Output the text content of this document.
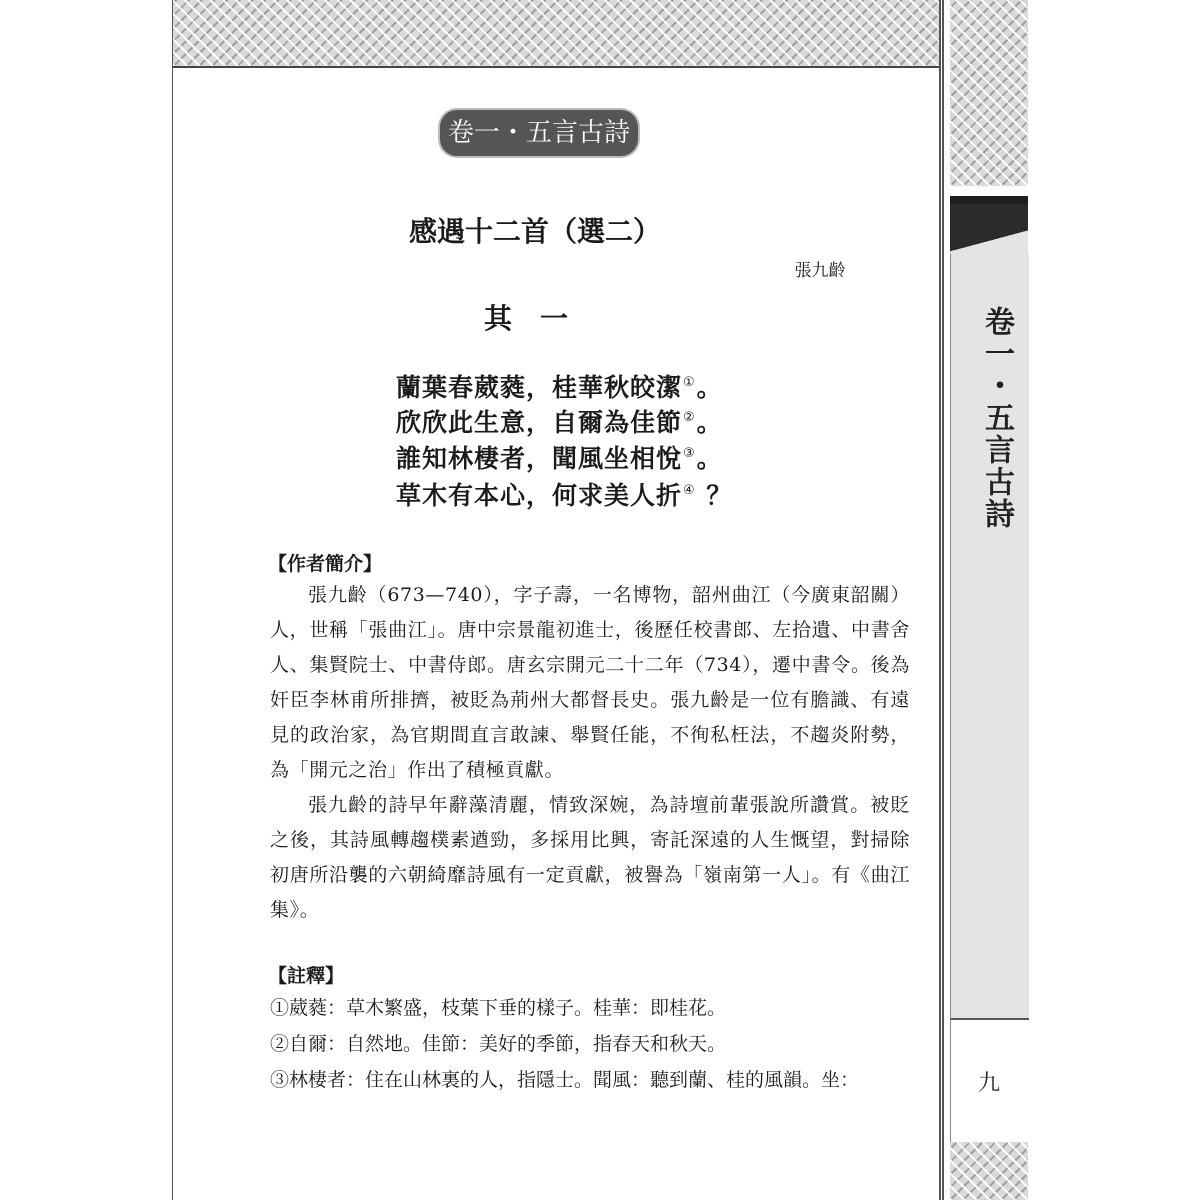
卷一・五言古詩
九
卷一・五言古詩
感遇十二首（選二）
張九齡
其一
蘭葉春葳蕤，桂華秋皎潔①。
欣欣此生意，自爾為佳節②。
誰知林棲者，聞風坐相悅③。
草木有本心，何求美人折④ ？
【作者簡介】

張九齡（673—740），字子壽，一名博物，韶州曲江（今廣東韶關）人，世稱「張曲江」。唐中宗景龍初進士，後歷任校書郎、左拾遺、中書舍人、集賢院士、中書侍郎。唐玄宗開元二十二年（734），遷中書令。後為奸臣李林甫所排擠，被貶為荊州大都督長史。張九齡是一位有膽識、有遠見的政治家，為官期間直言敢諫、舉賢任能，不徇私枉法，不趨炎附勢，為「開元之治」作出了積極貢獻。

張九齡的詩早年辭藻清麗，情致深婉，為詩壇前輩張說所讚賞。被貶之後，其詩風轉趨樸素遒勁，多採用比興，寄託深遠的人生慨望，對掃除初唐所沿襲的六朝綺靡詩風有一定貢獻，被譽為「嶺南第一人」。有《曲江集》。

【註釋】

①葳蕤：草木繁盛，枝葉下垂的樣子。桂華：即桂花。

②自爾：自然地。佳節：美好的季節，指春天和秋天。

③林棲者：住在山林裏的人，指隱士。聞風：聽到蘭、桂的風韻。坐：
